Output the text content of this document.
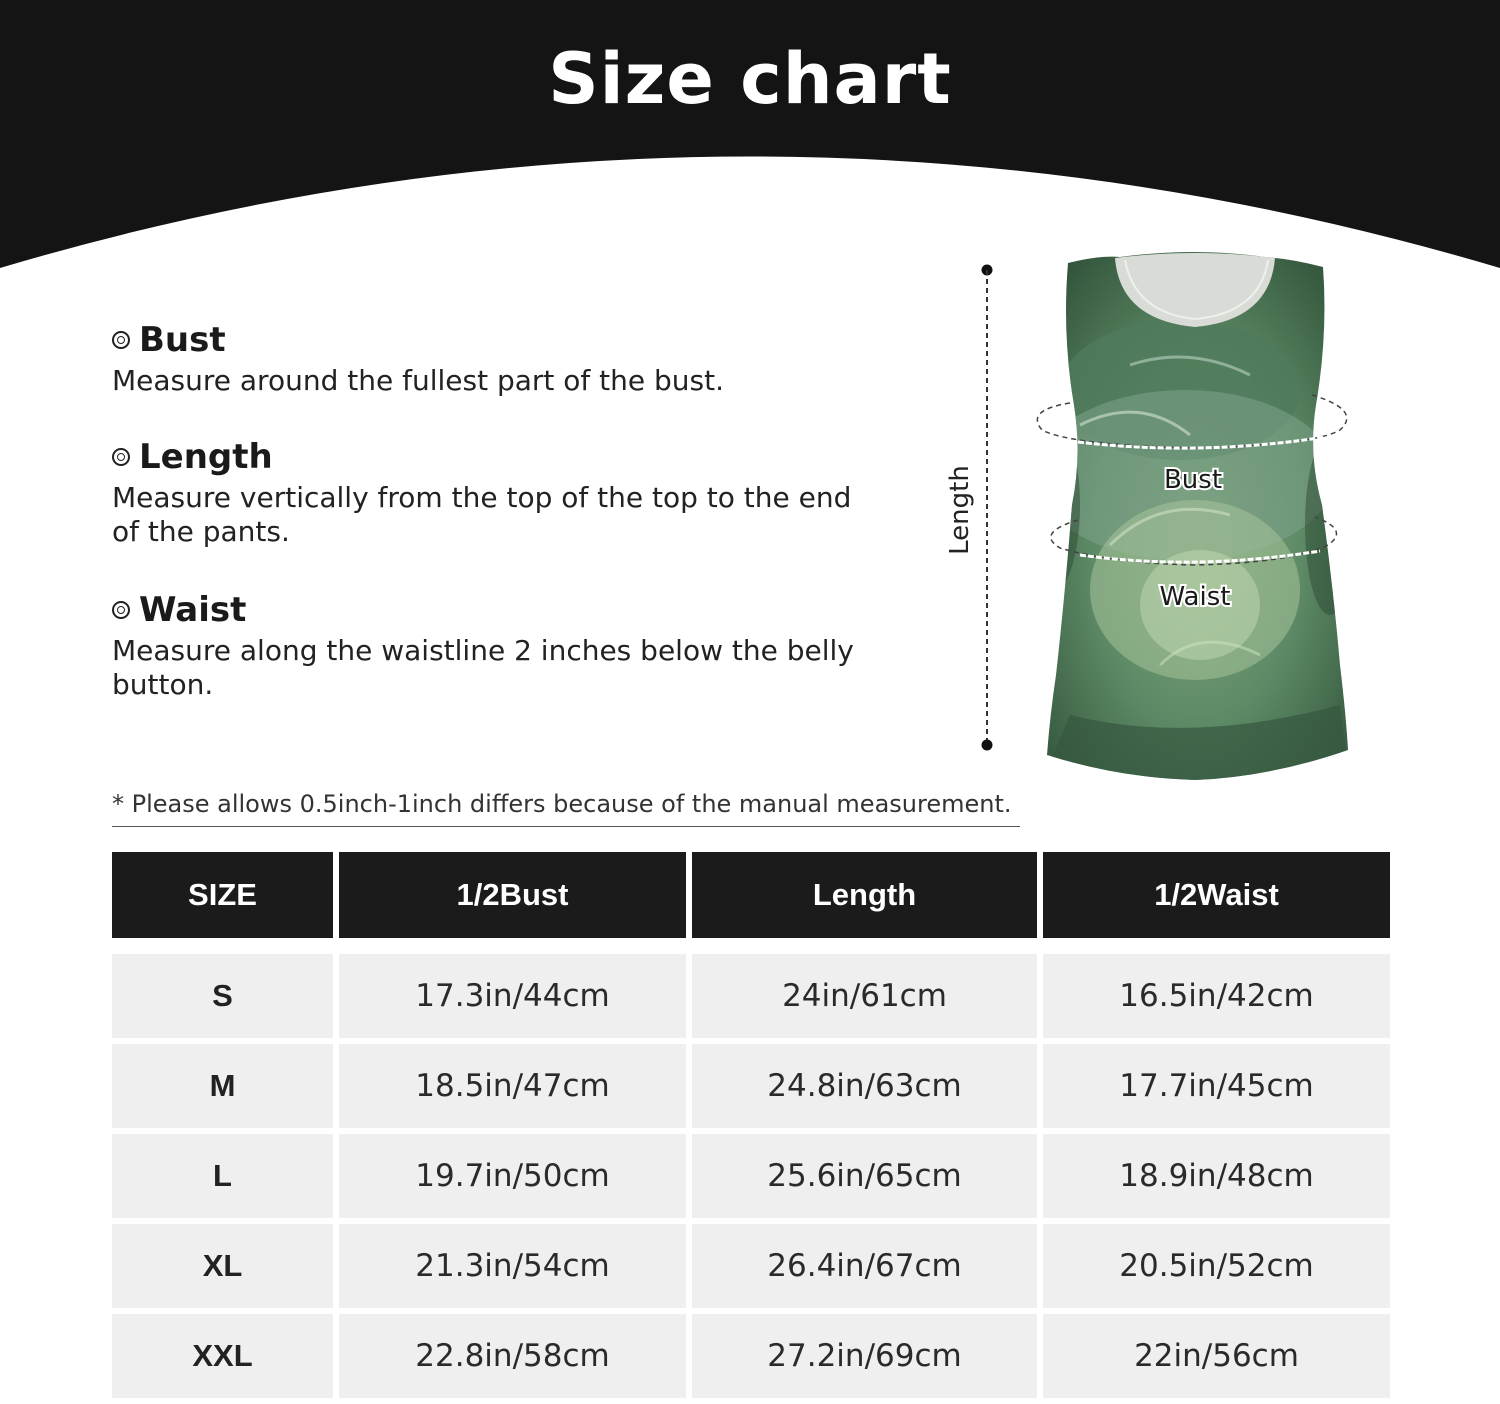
Size chart
Bust
Measure around the fullest part of the bust.
Length
Measure vertically from the top of the top to the end of the pants.
Waist
Measure along the waistline 2 inches below the belly button.
Length	Bust
Waist
* Please allows 0.5inch-1inch differs because of the manual measurement.
SIZE	1/2Bust	Length	1/2Waist

S	17.3in/44cm	24in/61cm	16.5in/42cm
M	18.5in/47cm	24.8in/63cm	17.7in/45cm
L	19.7in/50cm	25.6in/65cm	18.9in/48cm
XL	21.3in/54cm	26.4in/67cm	20.5in/52cm
XXL	22.8in/58cm	27.2in/69cm	22in/56cm
